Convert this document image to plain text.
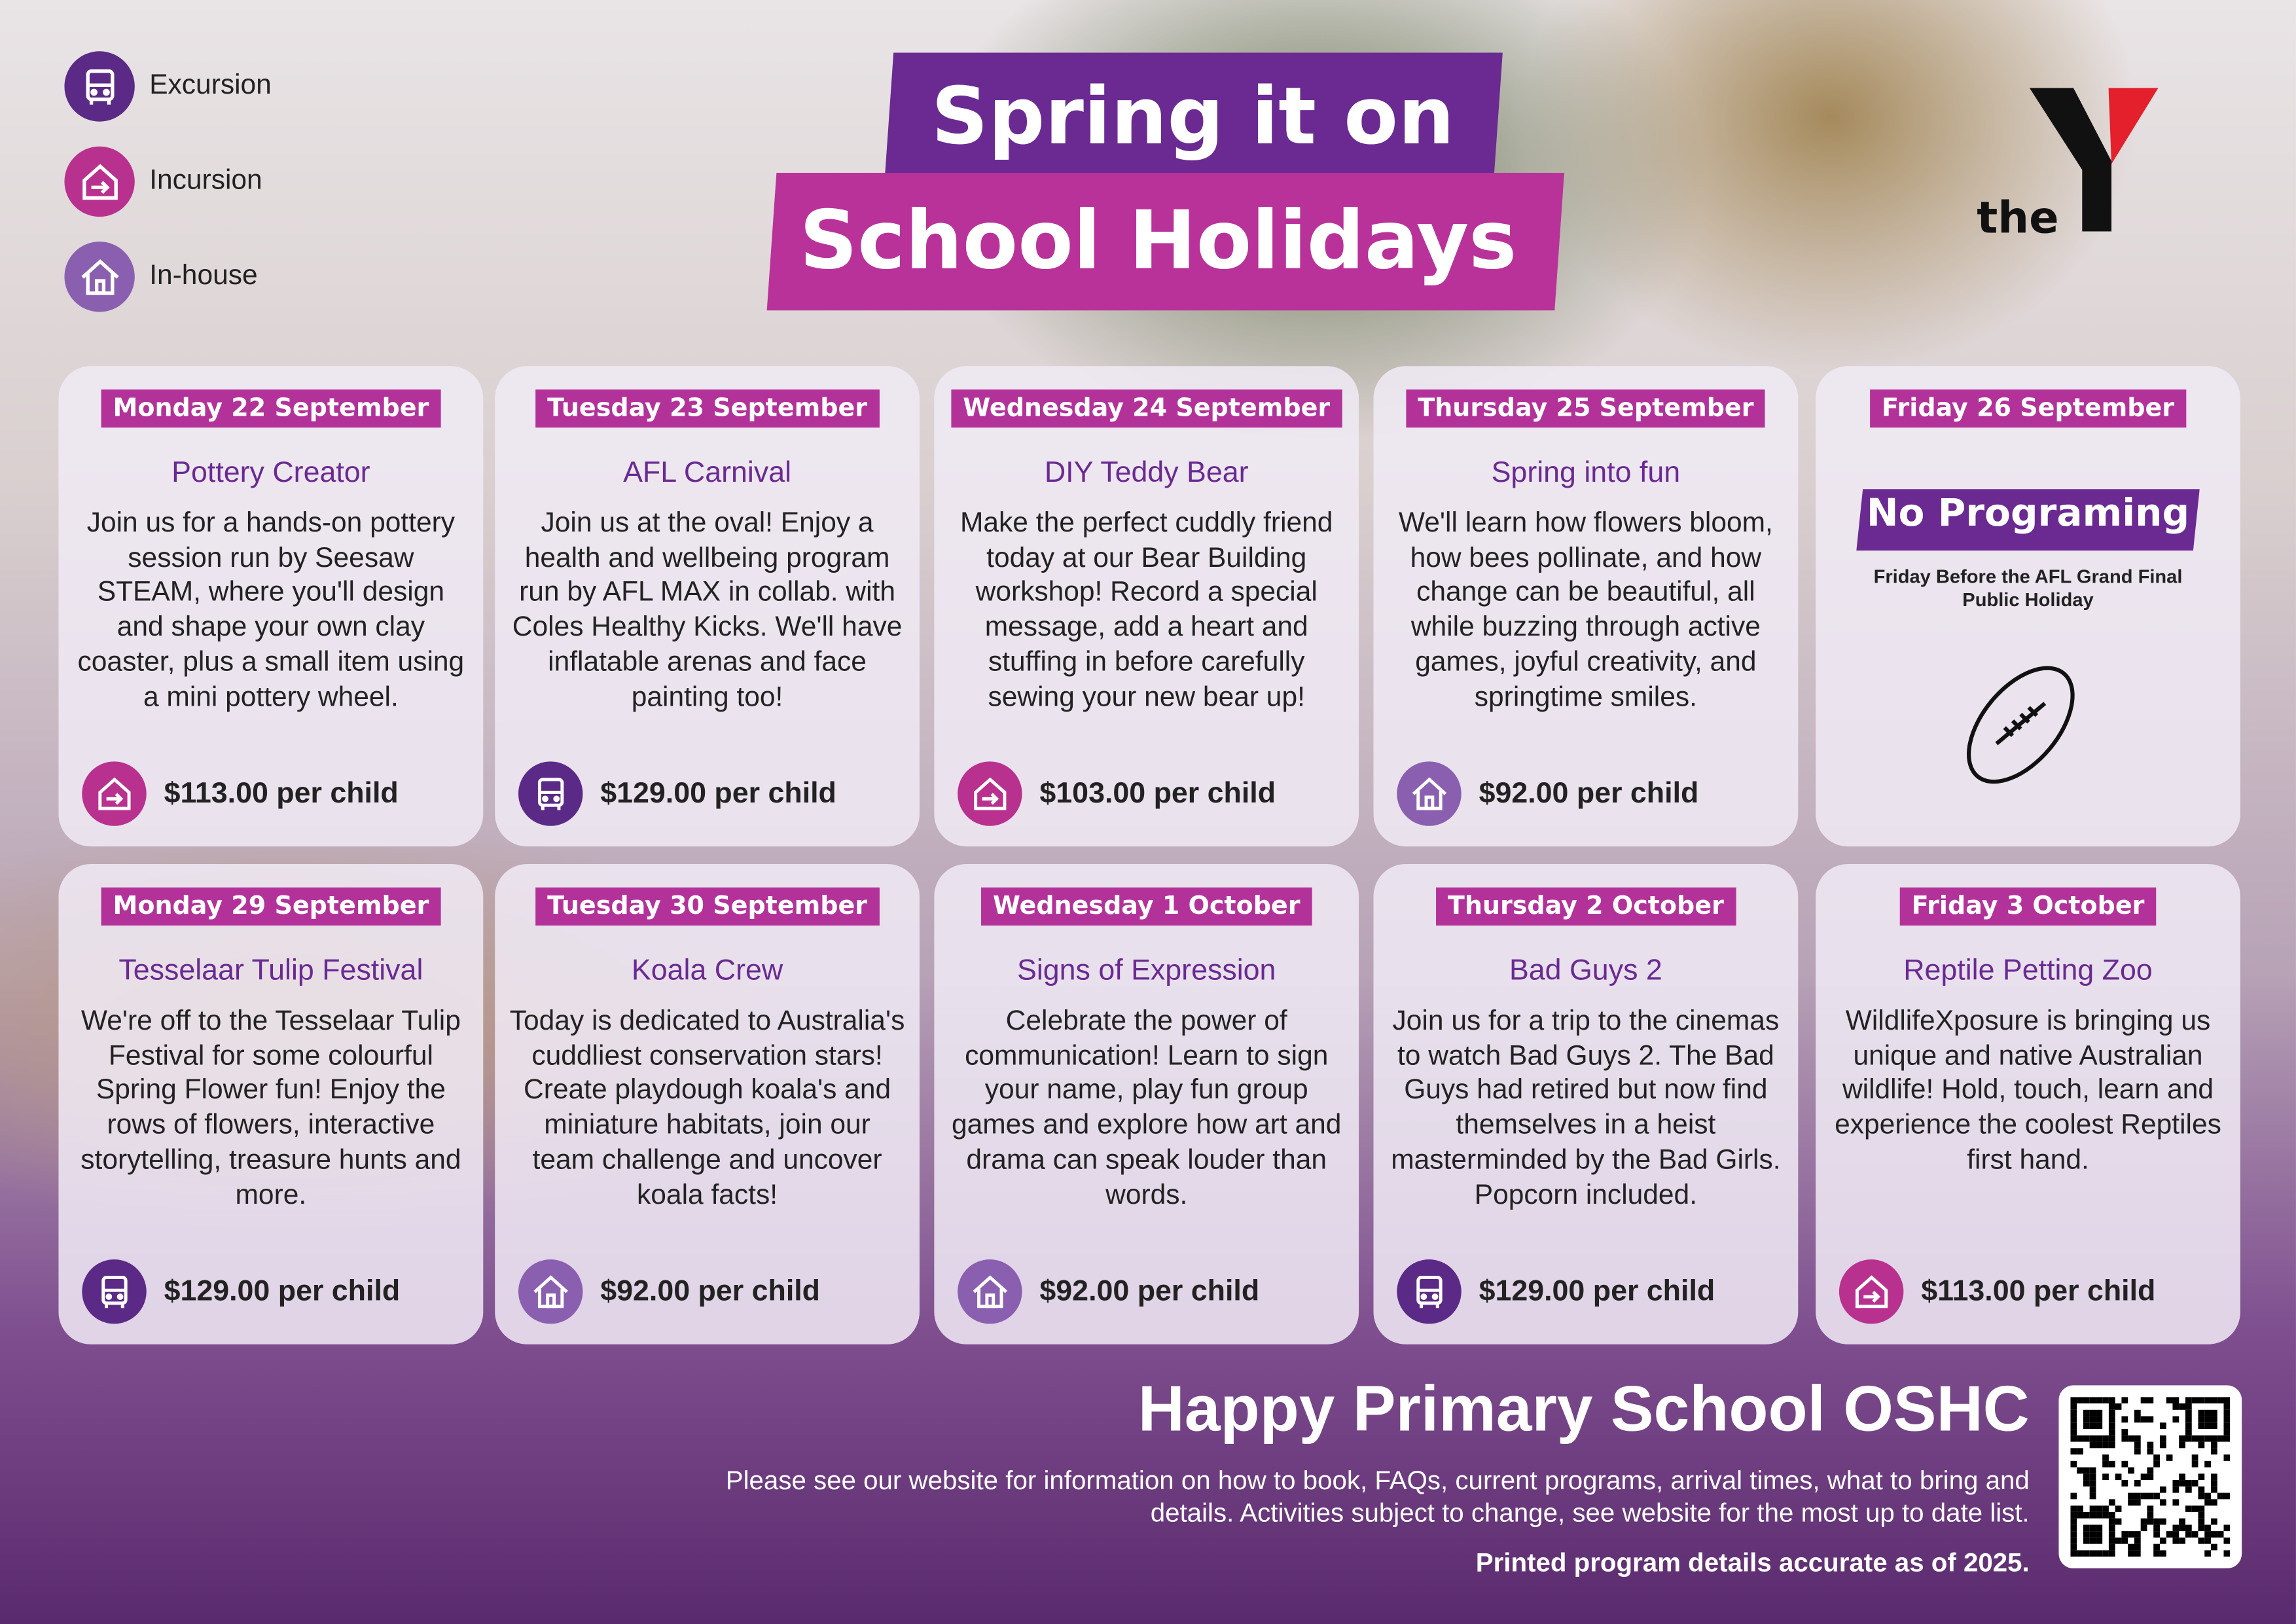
Excursion
Incursion
In-house
Spring it on
School Holidays	the
Monday 22 September
Pottery Creator
Join us for a hands-on pottery session run by Seesaw STEAM, where you'll design and shape your own clay coaster, plus a small item using a mini pottery wheel.
$113.00 per child
Tuesday 23 September
AFL Carnival
Join us at the oval! Enjoy a health and wellbeing program run by AFL MAX in collab. with Coles Healthy Kicks. We'll have inflatable arenas and face painting too!
$129.00 per child
Wednesday 24 September
DIY Teddy Bear
Make the perfect cuddly friend today at our Bear Building workshop! Record a special message, add a heart and stuffing in before carefully sewing your new bear up!
$103.00 per child
Thursday 25 September
Spring into fun
We'll learn how flowers bloom, how bees pollinate, and how change can be beautiful, all while buzzing through active games, joyful creativity, and springtime smiles.
$92.00 per child
Friday 26 September
No Programing
Friday Before the AFL Grand Final Public Holiday
Monday 29 September
Tesselaar Tulip Festival
We're off to the Tesselaar Tulip Festival for some colourful Spring Flower fun! Enjoy the rows of flowers, interactive storytelling, treasure hunts and more.
$129.00 per child
Tuesday 30 September
Koala Crew
Today is dedicated to Australia's cuddliest conservation stars! Create playdough koala's and miniature habitats, join our team challenge and uncover koala facts!
$92.00 per child
Wednesday 1 October
Signs of Expression
Celebrate the power of communication! Learn to sign your name, play fun group games and explore how art and drama can speak louder than words.
$92.00 per child
Thursday 2 October
Bad Guys 2
Join us for a trip to the cinemas to watch Bad Guys 2. The Bad Guys had retired but now find themselves in a heist masterminded by the Bad Girls. Popcorn included.
$129.00 per child
Friday 3 October
Reptile Petting Zoo
WildlifeXposure is bringing us unique and native Australian wildlife! Hold, touch, learn and experience the coolest Reptiles first hand.
$113.00 per child
Happy Primary School OSHC
Please see our website for information on how to book, FAQs, current programs, arrival times, what to bring and details. Activities subject to change, see website for the most up to date list.
Printed program details accurate as of 2025.
